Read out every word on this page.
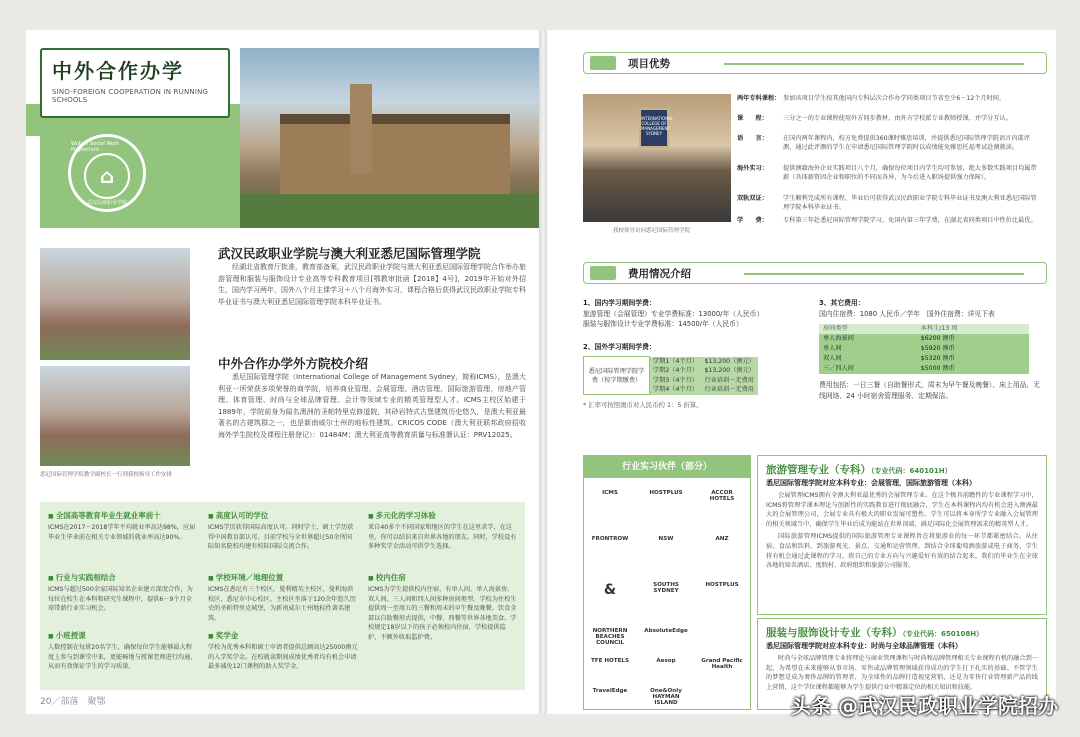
中外合作办学
SINO-FOREIGN COOPERATION IN RUNNING SCHOOLS
Wuhan Social Work Polytechnic
⌂
武汉民政职业学院
悉尼国际管理学院教学副校长一行到我校指导工作安排
武汉民政职业学院与澳大利亚悉尼国际管理学院
经湖北省教育厅批准，教育部备案，武汉民政职业学院与澳大利亚悉尼国际管理学院合作举办旅游管理和服装与服饰设计专业高等专科教育项目[鄂教审批函【2018】4号]，2019年开始对外招生，国内学习两年，国外八个月主课学习＋八个月海外实习，课程合格后获得武汉民政职业学院专科毕业证书与澳大利亚悉尼国际管理学院本科毕业证书。
中外合作办学外方院校介绍
悉尼国际管理学院（International College of Management Sydney，简称ICMS），是澳大利亚一所荣获多项荣誉的商学院，培养商业管理、会展管理、酒店管理、国际旅游管理、房地产管理、体育管理、时尚与全球品牌管理、会计等领域专业的精英管理型人才。ICMS主校区始建于1889年，学院前身为闻名澳洲的圣帕特里克修道院，其砂岩特式古堡建筑历史悠久，是澳大利亚最著名的古建筑群之一，也是新南威尔士州的地标性建筑。CRICOS CODE（澳大利亚联邦政府招收海外学生院校及课程注册登记）：01484M；澳大利亚高等教育质量与标准署认证：PRV12025。
■ 全国高等教育毕业生就业率前十
ICMS在2017－2018学年平均就业率高达98%，应届毕业生毕业前在相关专业领域的就业率高达90%。
■ 高度认可的学位
ICMS学历获得国际高度认可。同时学士、硕士学历获得中国教育部认可。目前学校与全世界超过50余所国际知名院校均建有校际国际交流合作。
■ 多元化的学习体验
来自40多个不同国家和地区的学生在这里求学，在这里，你可以结识来自世界各地的朋友。同时，学校设有多种奖学金活动可供学生选择。
■ 行业与实践相结合
ICMS与超过500余家国际知名企业建立深度合作，为每位在校生在本科和研究生课程中，提供6－9个月全球带薪行业实习机会。
■ 学校环境／地理位置
ICMS在悉尼有三个校区，曼利精英主校区、曼利海滨校区、悉尼市中心校区。主校区坐落于120余年悠久历史的圣帕特里克城堡，为新南威尔士州地标性著名建筑。
■ 校内住宿
ICMS为学生提供校内住宿，有单人间、单人海景房、双人间、三人间和四人间多种房间类型。学校为住校生提供周一至周五的三餐和周末的早午餐及晚餐。饮食全部以自助餐形式提供，中餐、西餐等世界各地美食。学校规定18岁以下的孩子必须校内住宿，学校提供监护，不额外收取监护费。
■ 小班授课
人数控制在每班20名学生，确保每位学生能够最大程度上参与到课堂中来，更能畅地与授课老师进行沟通，从而有效保证学生的学习质量。
■ 奖学金
学校为优秀本科和硕士申请者提供总额高达25000澳元的入学奖学金。在校就读期间成绩优秀者均有机会申请最多减免12门课程的助人奖学金。
20／部落　聚鄂
项目优势
INTERNATIONAL COLLEGE OF MANAGEMENT SYDNEY
我校领导访问悉尼国际管理学院
两年专科课程： 参加该项目学生按其他国内专科层次合作办学同类项目节省至少6－12个月时间。
课　　程：	三分之一的专业课程使用外方同步教材，由外方学校派专业教师授课，并学分互认。
语　　言：	在国内两年课程内，校方免费提供360课时雅思培训，并提供悉尼国际管理学院语言内部评测，通过此评测的学生在申请悉尼国际管理学院时以成绩能免雅思托福考试赴澳就读。
海外实习：	提供澳籍海外企业实践项目八个月，确保每位项目内学生均可参加，绝大多数实践项目均属带薪（具体薪资因企业和职位的不同而各异，为今后进入职场提供强力保障）。
双轨双证：	学生顺利完成所有课程，毕业后可获得武汉民政职业学院专科毕业证书及澳大利亚悉尼国际管理学院本科毕业证书。
学　　费：	专科第三年赴悉尼国际管理学院学习，免国内第三年学费，在湖北省同类项目中性价比最优。
费用情况介绍
1、国内学习期间学费：
旅游管理（会展管理）专业学费标准：13000/年（人民币）
服装与服饰设计专业学费标准：14500/年（人民币）
2、国外学习期间学费：
悉尼国际管理学院学费（按学期缴费）	学期1（4个月）	$13,200（澳元）
	学期2（4个月）	$13,200（澳元）
	学期3（4个月）	行业培训－无费用
	学期4（4个月）	行业培训－无费用
* 汇率可按照澳币对人民币约 1：5 折算。
3、其它费用：
国内住宿费：1080 人民币／学年　国外住宿费：详见下表
房间类型	本科生/13 周
单人海景间	$6200 澳币
单人间	$5920 澳币
双人间	$5320 澳币
三／四人间	$5000 澳币
费用包括：一日三餐（自助餐形式，周末为早午餐及晚餐）、床上用品、无线网络、24 小时宿舍管理服务、定期保洁。
行业实习伙伴（部分）
ICMS	HOSTPLUS	ACCOR HOTELS
FRONTROW	NSW	ANZ
&	SOUTHS SYDNEY
HOSTPLUS
NORTHERN BEACHES COUNCIL
AbsoluteEdge
TFE HOTELS	Aesop	Grand Pacific Health
TravelEdge	One&Only HAYMAN ISLAND
旅游管理专业（专科）（专业代码：640101H）
悉尼国际管理学院对应本科专业：会展管理，国际旅游管理（本科）
会展管理ICMS拥有全澳大利亚最优秀的会展管理专业。在这个极具前瞻性的专业课程学习中，ICMS将管理学课本理论与创新性的实践教育进行彻底融合，学生在本科课程内均有机会进入澳洲最大的会展管理公司，会展专业具有极大的职业发展可塑性。学生可以将本身所学专业融入会展管理的相关领域当中，确保学生毕业后成为能站在世界顶端，满足国际化会展管理需求的精英型人才。
国际旅游管理ICMS提供的国际旅游管理专业课程旨在将旅游业的每一环节都紧密结合。从住宿、食品和饮料、到旅游观光、景点、交通和运营管理，到结合全球葡萄酒旅游或电子商务，学生将有机会通过此课程的学习，将自己的专业方向与兴趣爱好有效的结合起来。我们的毕业生在全球各地的知名酒店、度假村、政府组织和旅游公司服务。
服装与服饰设计专业（专科）（专业代码：650108H）
悉尼国际管理学院对应本科专业：时尚与全球品牌管理（本科）
时尚与全球品牌管理专业将理论与商业管理课程与时尚和品牌管理相关专业课程有机的融合到一起，为希望在未来能够从事市场、零售或品牌管理领域获得成功的学生打下扎实的基础。不管学生的梦想是成为奢侈品牌的管理者，为全球性的品牌打造视觉营销，还是为零售行业管理新产品的线上营销，这个学位课程都能够为学生提供行业中精准定位的相关知识和技能。
头条 @武汉民政职业学院招办
